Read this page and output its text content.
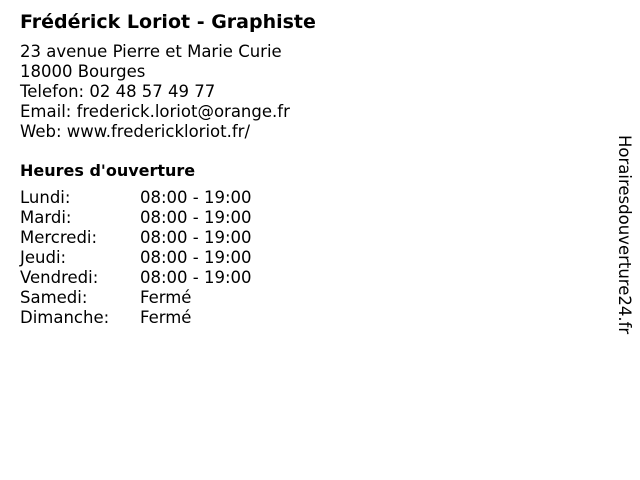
Frédérick Loriot - Graphiste
23 avenue Pierre et Marie Curie
18000 Bourges
Telefon: 02 48 57 49 77
Email: frederick.loriot@orange.fr
Web: www.frederickloriot.fr/
Heures d'ouverture
Lundi:	08:00 - 19:00
Mardi:	08:00 - 19:00
Mercredi:	08:00 - 19:00
Jeudi:	08:00 - 19:00
Vendredi:	08:00 - 19:00
Samedi:	Fermé
Dimanche:	Fermé	Horairesdouverture24.fr
